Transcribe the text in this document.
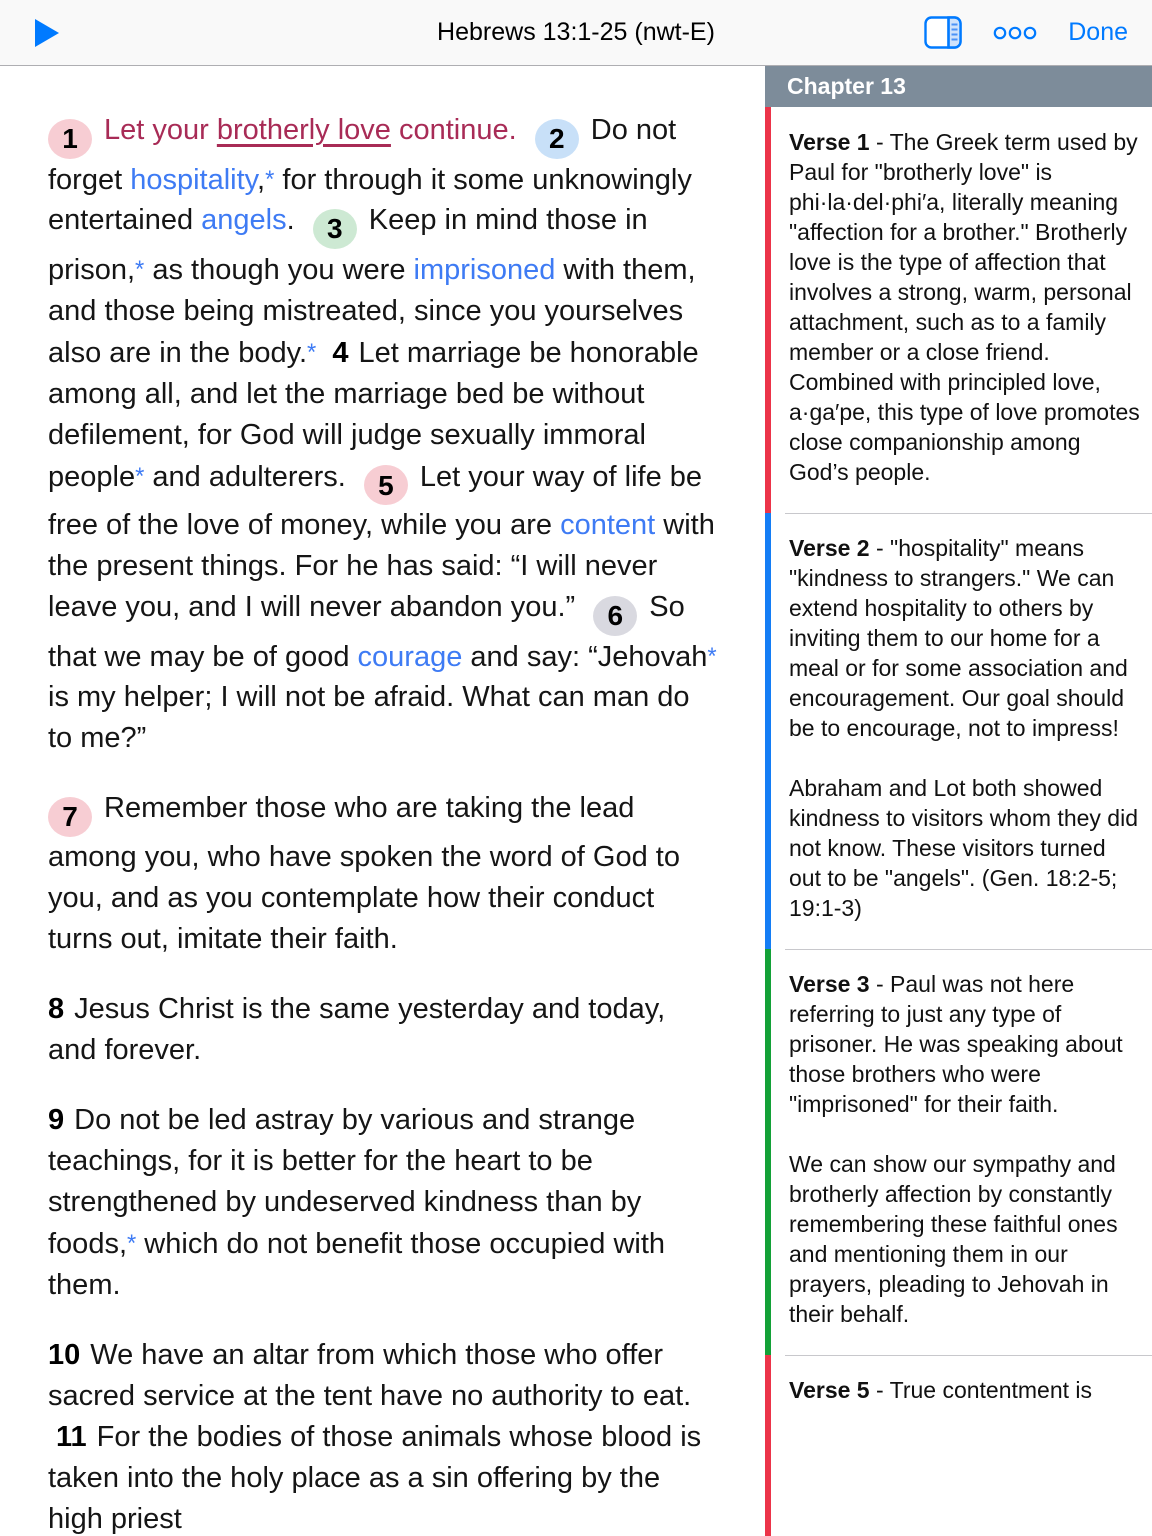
Hebrews 13:1-25 (nwt-E)	Done

1 Let your brotherly love continue. 2 Do not forget hospitality,* for through it some unknowingly entertained angels. 3 Keep in mind those in prison,* as though you were imprisoned with them, and those being mistreated, since you yourselves also are in the body.* 4 Let marriage be honorable among all, and let the marriage bed be without defilement, for God will judge sexually immoral people* and adulterers. 5 Let your way of life be free of the love of money, while you are content with the present things. For he has said: “I will never leave you, and I will never abandon you.” 6 So that we may be of good courage and say: “Jehovah* is my helper; I will not be afraid. What can man do to me?”

7 Remember those who are taking the lead among you, who have spoken the word of God to you, and as you contemplate how their conduct turns out, imitate their faith.

8 Jesus Christ is the same yesterday and today, and forever.

9 Do not be led astray by various and strange teachings, for it is better for the heart to be strengthened by undeserved kindness than by foods,* which do not benefit those occupied with them.

10 We have an altar from which those who offer sacred service at the tent have no authority to eat. 11 For the bodies of those animals whose blood is taken into the holy place as a sin offering by the high priest

Chapter 13

Verse 1 - The Greek term used by Paul for "brotherly love" is phi·la·del·phi′a, literally meaning "affection for a brother." Brotherly love is the type of affection that involves a strong, warm, personal attachment, such as to a family member or a close friend. Combined with principled love, a·ga′pe, this type of love promotes close companionship among God’s people.

Verse 2 - "hospitality" means "kindness to strangers." We can extend hospitality to others by inviting them to our home for a meal or for some association and encouragement. Our goal should be to encourage, not to impress!

Abraham and Lot both showed kindness to visitors whom they did not know. These visitors turned out to be "angels". (Gen. 18:2-5; 19:1-3)

Verse 3 - Paul was not here referring to just any type of prisoner. He was speaking about those brothers who were "imprisoned" for their faith.

We can show our sympathy and brotherly affection by constantly remembering these faithful ones and mentioning them in our prayers, pleading to Jehovah in their behalf.

Verse 5 - True contentment is
